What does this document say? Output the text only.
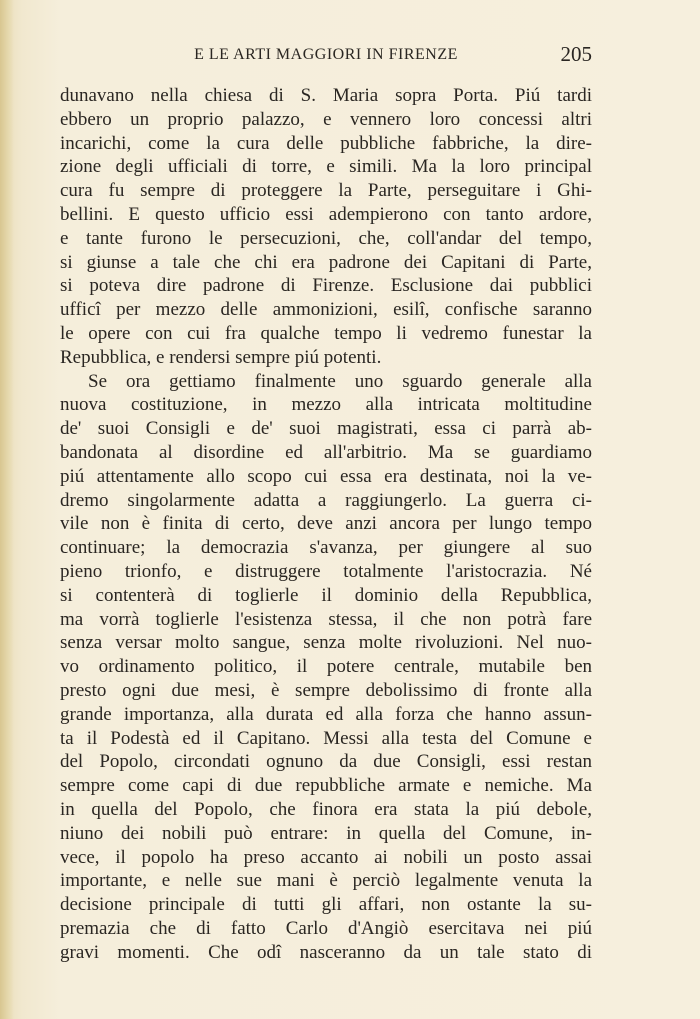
E LE ARTI MAGGIORI IN FIRENZE	205
dunavano nella chiesa di S. Maria sopra Porta. Piú tardi
ebbero un proprio palazzo, e vennero loro concessi altri
incarichi, come la cura delle pubbliche fabbriche, la dire-
zione degli ufficiali di torre, e simili. Ma la loro principal
cura fu sempre di proteggere la Parte, perseguitare i Ghi-
bellini. E questo ufficio essi adempierono con tanto ardore,
e tante furono le persecuzioni, che, coll'andar del tempo,
si giunse a tale che chi era padrone dei Capitani di Parte,
si poteva dire padrone di Firenze. Esclusione dai pubblici
ufficî per mezzo delle ammonizioni, esilî, confische saranno
le opere con cui fra qualche tempo li vedremo funestar la
Repubblica, e rendersi sempre piú potenti.
Se ora gettiamo finalmente uno sguardo generale alla
nuova costituzione, in mezzo alla intricata moltitudine
de' suoi Consigli e de' suoi magistrati, essa ci parrà ab-
bandonata al disordine ed all'arbitrio. Ma se guardiamo
piú attentamente allo scopo cui essa era destinata, noi la ve-
dremo singolarmente adatta a raggiungerlo. La guerra ci-
vile non è finita di certo, deve anzi ancora per lungo tempo
continuare; la democrazia s'avanza, per giungere al suo
pieno trionfo, e distruggere totalmente l'aristocrazia. Né
si contenterà di toglierle il dominio della Repubblica,
ma vorrà toglierle l'esistenza stessa, il che non potrà fare
senza versar molto sangue, senza molte rivoluzioni. Nel nuo-
vo ordinamento politico, il potere centrale, mutabile ben
presto ogni due mesi, è sempre debolissimo di fronte alla
grande importanza, alla durata ed alla forza che hanno assun-
ta il Podestà ed il Capitano. Messi alla testa del Comune e
del Popolo, circondati ognuno da due Consigli, essi restan
sempre come capi di due repubbliche armate e nemiche. Ma
in quella del Popolo, che finora era stata la piú debole,
niuno dei nobili può entrare: in quella del Comune, in-
vece, il popolo ha preso accanto ai nobili un posto assai
importante, e nelle sue mani è perciò legalmente venuta la
decisione principale di tutti gli affari, non ostante la su-
premazia che di fatto Carlo d'Angiò esercitava nei piú
gravi momenti. Che odî nasceranno da un tale stato di
